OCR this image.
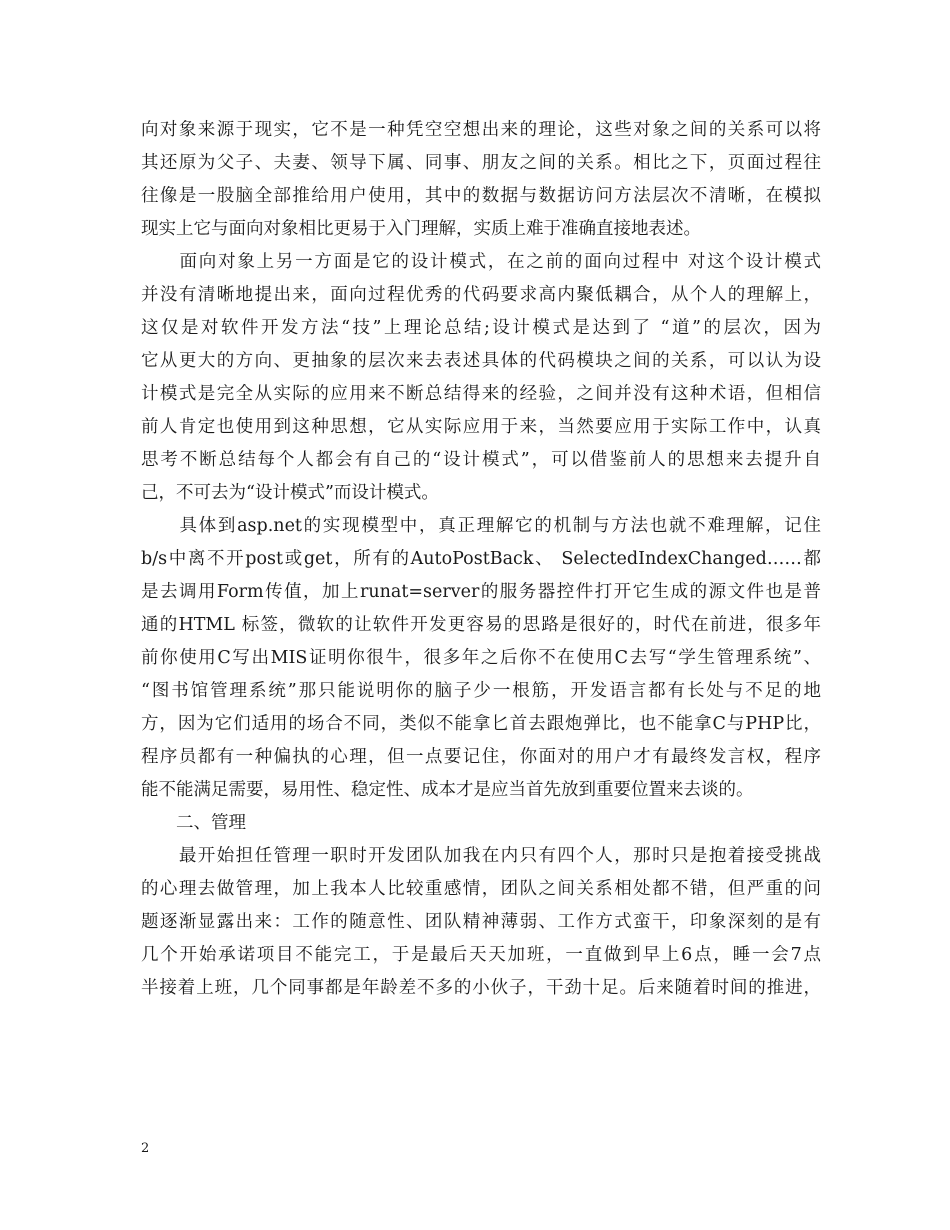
向对象来源于现实，它不是一种凭空空想出来的理论，这些对象之间的关系可以将
其还原为父子、夫妻、领导下属、同事、朋友之间的关系。相比之下，页面过程往
往像是一股脑全部推给用户使用，其中的数据与数据访问方法层次不清晰，在模拟
现实上它与面向对象相比更易于入门理解，实质上难于准确直接地表述。
　　面向对象上另一方面是它的设计模式，在之前的面向过程中 对这个设计模式
并没有清晰地提出来，面向过程优秀的代码要求高内聚低耦合，从个人的理解上，
这仅是对软件开发方法“技”上理论总结;设计模式是达到了 “道”的层次，因为
它从更大的方向、更抽象的层次来去表述具体的代码模块之间的关系，可以认为设
计模式是完全从实际的应用来不断总结得来的经验，之间并没有这种术语，但相信
前人肯定也使用到这种思想，它从实际应用于来，当然要应用于实际工作中，认真
思考不断总结每个人都会有自己的“设计模式”，可以借鉴前人的思想来去提升自
己，不可去为“设计模式”而设计模式。
　　具体到asp.net的实现模型中，真正理解它的机制与方法也就不难理解，记住
b/s中离不开post或get，所有的AutoPostBack、 SelectedIndexChanged……都
是去调用Form传值，加上runat=server的服务器控件打开它生成的源文件也是普
通的HTML 标签，微软的让软件开发更容易的思路是很好的，时代在前进，很多年
前你使用C写出MIS证明你很牛，很多年之后你不在使用C去写“学生管理系统”、
“图书馆管理系统”那只能说明你的脑子少一根筋，开发语言都有长处与不足的地
方，因为它们适用的场合不同，类似不能拿匕首去跟炮弹比，也不能拿C与PHP比，
程序员都有一种偏执的心理，但一点要记住，你面对的用户才有最终发言权，程序
能不能满足需要，易用性、稳定性、成本才是应当首先放到重要位置来去谈的。
　　二、管理
　　最开始担任管理一职时开发团队加我在内只有四个人，那时只是抱着接受挑战
的心理去做管理，加上我本人比较重感情，团队之间关系相处都不错，但严重的问
题逐渐显露出来：工作的随意性、团队精神薄弱、工作方式蛮干，印象深刻的是有
几个开始承诺项目不能完工，于是最后天天加班，一直做到早上6点，睡一会7点
半接着上班，几个同事都是年龄差不多的小伙子，干劲十足。后来随着时间的推进，
2
